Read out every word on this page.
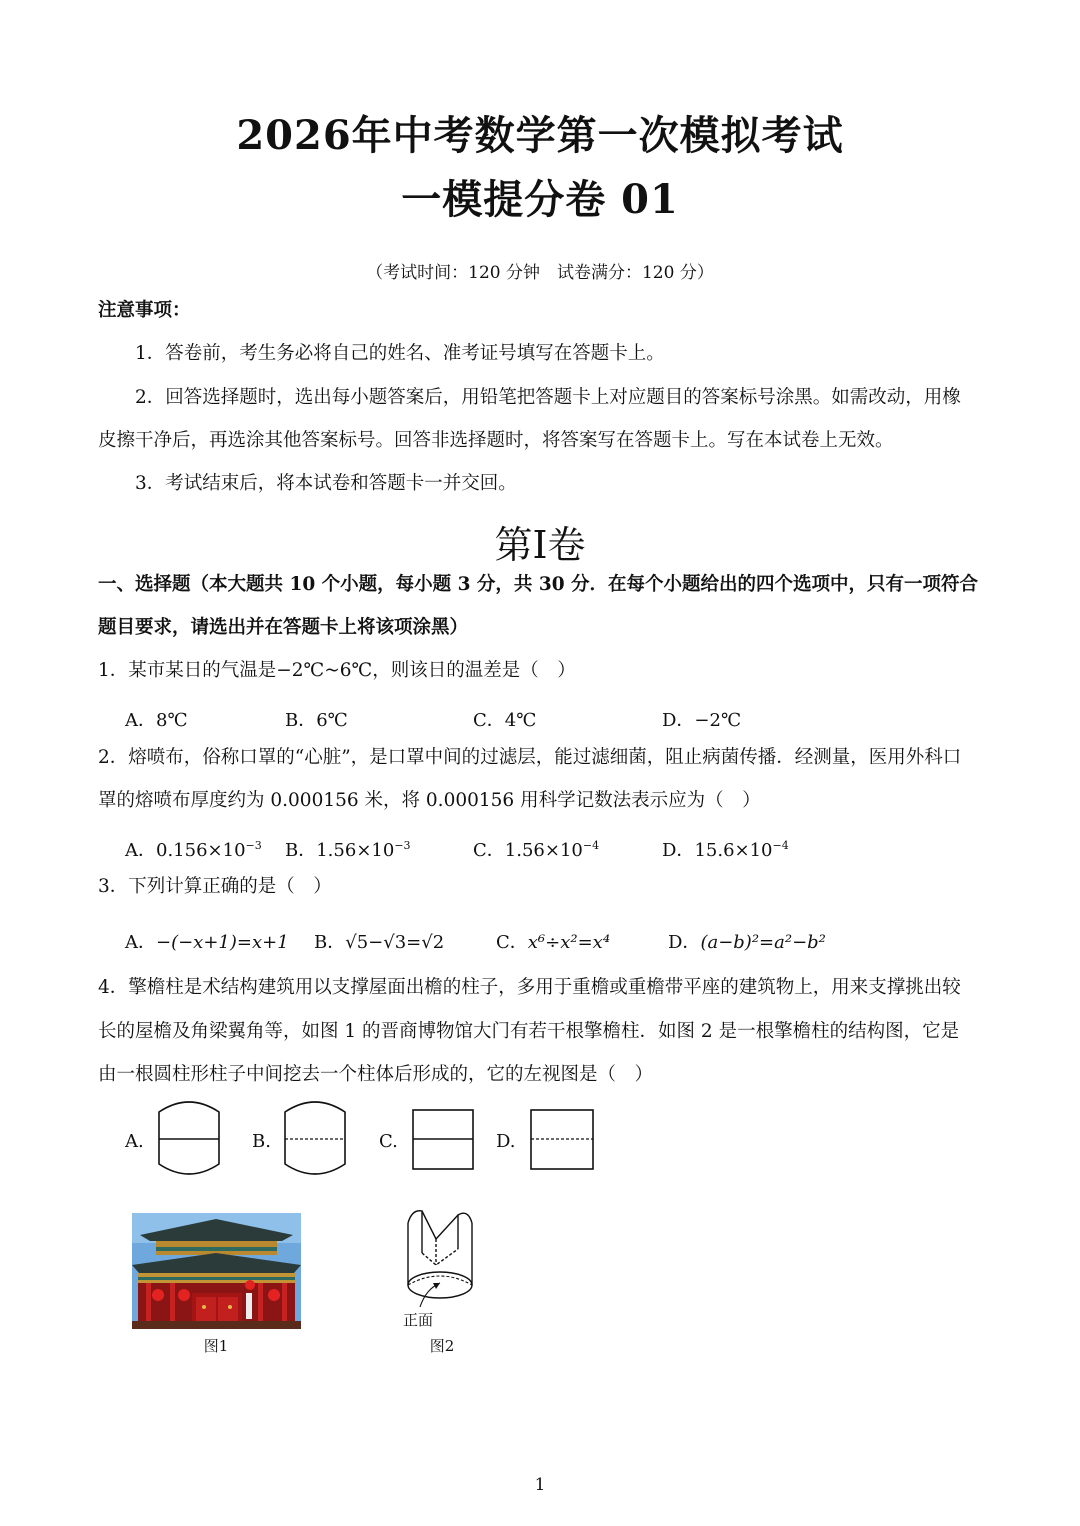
2026年中考数学第一次模拟考试
一模提分卷 01
（考试时间：120 分钟　试卷满分：120 分）
注意事项：
1．答卷前，考生务必将自己的姓名、准考证号填写在答题卡上。
2．回答选择题时，选出每小题答案后，用铅笔把答题卡上对应题目的答案标号涂黑。如需改动，用橡
皮擦干净后，再选涂其他答案标号。回答非选择题时，将答案写在答题卡上。写在本试卷上无效。
3．考试结束后，将本试卷和答题卡一并交回。
第I卷
一、选择题（本大题共 10 个小题，每小题 3 分，共 30 分．在每个小题给出的四个选项中，只有一项符合
题目要求，请选出并在答题卡上将该项涂黑）
1．某市某日的气温是−2℃~6℃，则该日的温差是（　）
A．8℃	B．6℃	C．4℃	D．−2℃
2．熔喷布，俗称口罩的“心脏”，是口罩中间的过滤层，能过滤细菌，阻止病菌传播．经测量，医用外科口
罩的熔喷布厚度约为 0.000156 米，将 0.000156 用科学记数法表示应为（　）
A．$0.156\times 10^{-3}$ B．$1.56\times 10^{-3}$	C．$1.56\times 10^{-4}$	D．$15.6\times 10^{-4}$
3．下列计算正确的是（　）
A．−(−x+1)=x+1 B．√5−√3=√2	C．x⁶÷x²=x⁴	D．(a−b)²=a²−b²
4．擎檐柱是术结构建筑用以支撑屋面出檐的柱子，多用于重檐或重檐带平座的建筑物上，用来支撑挑出较
长的屋檐及角梁翼角等，如图 1 的晋商博物馆大门有若干根擎檐柱．如图 2 是一根擎檐柱的结构图，它是
由一根圆柱形柱子中间挖去一个柱体后形成的，它的左视图是（　）
A.	B.	C.	D.
图1
正面
图2
1
